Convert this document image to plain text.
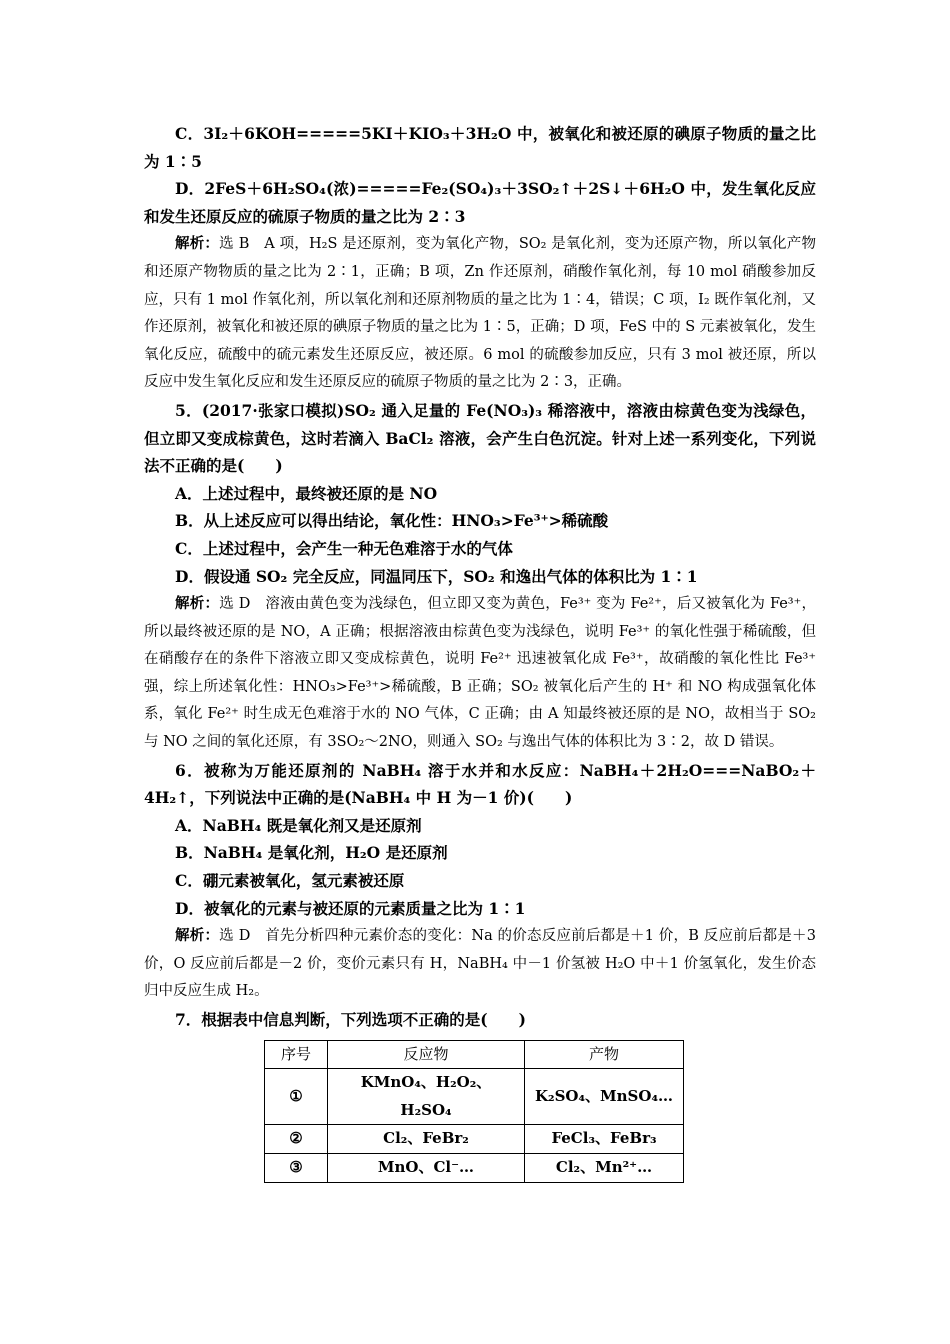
C．3I₂＋6KOH=====5KI＋KIO₃＋3H₂O 中，被氧化和被还原的碘原子物质的量之比为 1∶5

D．2FeS＋6H₂SO₄(浓)=====Fe₂(SO₄)₃＋3SO₂↑＋2S↓＋6H₂O 中，发生氧化反应和发生还原反应的硫原子物质的量之比为 2∶3

解析：选 B　A 项，H₂S 是还原剂，变为氧化产物，SO₂ 是氧化剂，变为还原产物，所以氧化产物和还原产物物质的量之比为 2∶1，正确；B 项，Zn 作还原剂，硝酸作氧化剂，每 10 mol 硝酸参加反应，只有 1 mol 作氧化剂，所以氧化剂和还原剂物质的量之比为 1∶4，错误；C 项，I₂ 既作氧化剂，又作还原剂，被氧化和被还原的碘原子物质的量之比为 1∶5，正确；D 项，FeS 中的 S 元素被氧化，发生氧化反应，硫酸中的硫元素发生还原反应，被还原。6 mol 的硫酸参加反应，只有 3 mol 被还原，所以反应中发生氧化反应和发生还原反应的硫原子物质的量之比为 2∶3，正确。

5．(2017·张家口模拟)SO₂ 通入足量的 Fe(NO₃)₃ 稀溶液中，溶液由棕黄色变为浅绿色，但立即又变成棕黄色，这时若滴入 BaCl₂ 溶液，会产生白色沉淀。针对上述一系列变化，下列说法不正确的是(　　)

A．上述过程中，最终被还原的是 NO

B．从上述反应可以得出结论，氧化性：HNO₃>Fe³⁺>稀硫酸

C．上述过程中，会产生一种无色难溶于水的气体

D．假设通 SO₂ 完全反应，同温同压下，SO₂ 和逸出气体的体积比为 1∶1

解析：选 D　溶液由黄色变为浅绿色，但立即又变为黄色，Fe³⁺ 变为 Fe²⁺，后又被氧化为 Fe³⁺，所以最终被还原的是 NO，A 正确；根据溶液由棕黄色变为浅绿色，说明 Fe³⁺ 的氧化性强于稀硫酸，但在硝酸存在的条件下溶液立即又变成棕黄色，说明 Fe²⁺ 迅速被氧化成 Fe³⁺，故硝酸的氧化性比 Fe³⁺ 强，综上所述氧化性：HNO₃>Fe³⁺>稀硫酸，B 正确；SO₂ 被氧化后产生的 H⁺ 和 NO 构成强氧化体系，氧化 Fe²⁺ 时生成无色难溶于水的 NO 气体，C 正确；由 A 知最终被还原的是 NO，故相当于 SO₂ 与 NO 之间的氧化还原，有 3SO₂～2NO，则通入 SO₂ 与逸出气体的体积比为 3∶2，故 D 错误。

6．被称为万能还原剂的 NaBH₄ 溶于水并和水反应：NaBH₄＋2H₂O===NaBO₂＋4H₂↑，下列说法中正确的是(NaBH₄ 中 H 为－1 价)(　　)

A．NaBH₄ 既是氧化剂又是还原剂

B．NaBH₄ 是氧化剂，H₂O 是还原剂

C．硼元素被氧化，氢元素被还原

D．被氧化的元素与被还原的元素质量之比为 1∶1

解析：选 D　首先分析四种元素价态的变化：Na 的价态反应前后都是＋1 价，B 反应前后都是＋3 价，O 反应前后都是－2 价，变价元素只有 H，NaBH₄ 中－1 价氢被 H₂O 中＋1 价氢氧化，发生价态归中反应生成 H₂。

7．根据表中信息判断，下列选项不正确的是(　　)

序号	反应物	产物
①	KMnO₄、H₂O₂、H₂SO₄	K₂SO₄、MnSO₄…
②	Cl₂、FeBr₂	FeCl₃、FeBr₃
③	MnO、Cl⁻…	Cl₂、Mn²⁺…
